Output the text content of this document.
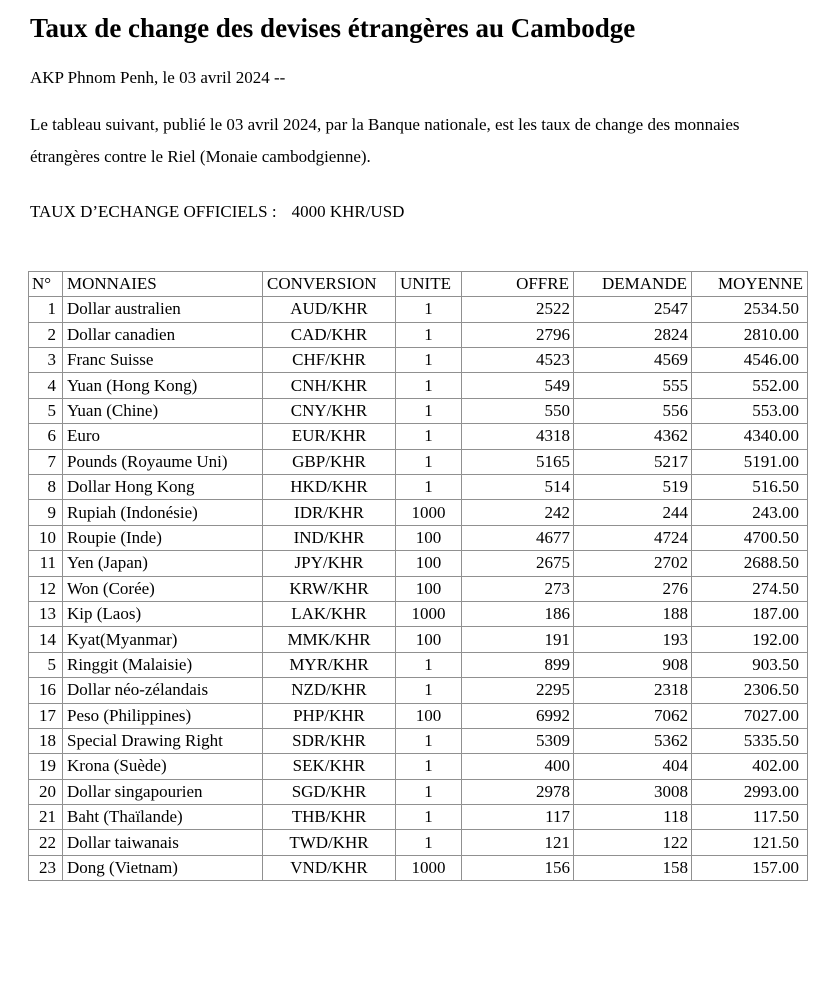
Taux de change des devises étrangères au Cambodge

AKP Phnom Penh, le 03 avril 2024 --

Le tableau suivant, publié le 03 avril 2024, par la Banque nationale, est les taux de change des monnaies étrangères contre le Riel (Monaie cambodgienne).

TAUX D’ECHANGE OFFICIELS : 4000 KHR/USD

N°	MONNAIES	CONVERSION	UNITE	OFFRE	DEMANDE	MOYENNE
1	Dollar australien	AUD/KHR	1	2522	2547	2534.50
2	Dollar canadien	CAD/KHR	1	2796	2824	2810.00
3	Franc Suisse	CHF/KHR	1	4523	4569	4546.00
4	Yuan (Hong Kong)	CNH/KHR	1	549	555	552.00
5	Yuan (Chine)	CNY/KHR	1	550	556	553.00
6	Euro	EUR/KHR	1	4318	4362	4340.00
7	Pounds (Royaume Uni)	GBP/KHR	1	5165	5217	5191.00
8	Dollar Hong Kong	HKD/KHR	1	514	519	516.50
9	Rupiah (Indonésie)	IDR/KHR	1000	242	244	243.00
10	Roupie (Inde)	IND/KHR	100	4677	4724	4700.50
11	Yen (Japan)	JPY/KHR	100	2675	2702	2688.50
12	Won (Corée)	KRW/KHR	100	273	276	274.50
13	Kip (Laos)	LAK/KHR	1000	186	188	187.00
14	Kyat(Myanmar)	MMK/KHR	100	191	193	192.00
5	Ringgit (Malaisie)	MYR/KHR	1	899	908	903.50
16	Dollar néo-zélandais	NZD/KHR	1	2295	2318	2306.50
17	Peso (Philippines)	PHP/KHR	100	6992	7062	7027.00
18	Special Drawing Right	SDR/KHR	1	5309	5362	5335.50
19	Krona (Suède)	SEK/KHR	1	400	404	402.00
20	Dollar singapourien	SGD/KHR	1	2978	3008	2993.00
21	Baht (Thaïlande)	THB/KHR	1	117	118	117.50
22	Dollar taiwanais	TWD/KHR	1	121	122	121.50
23	Dong (Vietnam)	VND/KHR	1000	156	158	157.00
